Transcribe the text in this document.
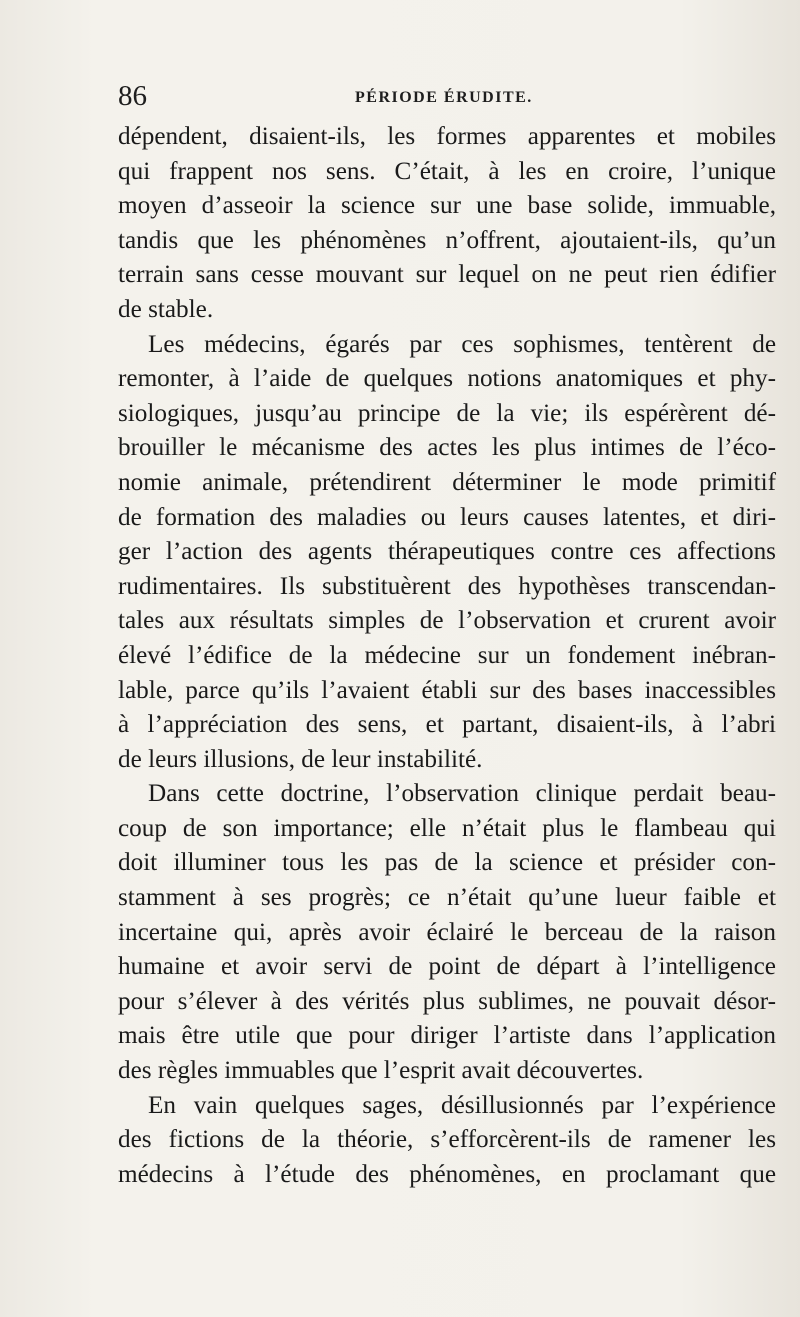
86	PÉRIODE ÉRUDITE.
dépendent, disaient-ils, les formes apparentes et mobiles
qui frappent nos sens. C’était, à les en croire, l’unique
moyen d’asseoir la science sur une base solide, immuable,
tandis que les phénomènes n’offrent, ajoutaient-ils, qu’un
terrain sans cesse mouvant sur lequel on ne peut rien édifier
de stable.
Les médecins, égarés par ces sophismes, tentèrent de
remonter, à l’aide de quelques notions anatomiques et phy-
siologiques, jusqu’au principe de la vie; ils espérèrent dé-
brouiller le mécanisme des actes les plus intimes de l’éco-
nomie animale, prétendirent déterminer le mode primitif
de formation des maladies ou leurs causes latentes, et diri-
ger l’action des agents thérapeutiques contre ces affections
rudimentaires. Ils substituèrent des hypothèses transcendan-
tales aux résultats simples de l’observation et crurent avoir
élevé l’édifice de la médecine sur un fondement inébran-
lable, parce qu’ils l’avaient établi sur des bases inaccessibles
à l’appréciation des sens, et partant, disaient-ils, à l’abri
de leurs illusions, de leur instabilité.
Dans cette doctrine, l’observation clinique perdait beau-
coup de son importance; elle n’était plus le flambeau qui
doit illuminer tous les pas de la science et présider con-
stamment à ses progrès; ce n’était qu’une lueur faible et
incertaine qui, après avoir éclairé le berceau de la raison
humaine et avoir servi de point de départ à l’intelligence
pour s’élever à des vérités plus sublimes, ne pouvait désor-
mais être utile que pour diriger l’artiste dans l’application
des règles immuables que l’esprit avait découvertes.
En vain quelques sages, désillusionnés par l’expérience
des fictions de la théorie, s’efforcèrent-ils de ramener les
médecins à l’étude des phénomènes, en proclamant que
